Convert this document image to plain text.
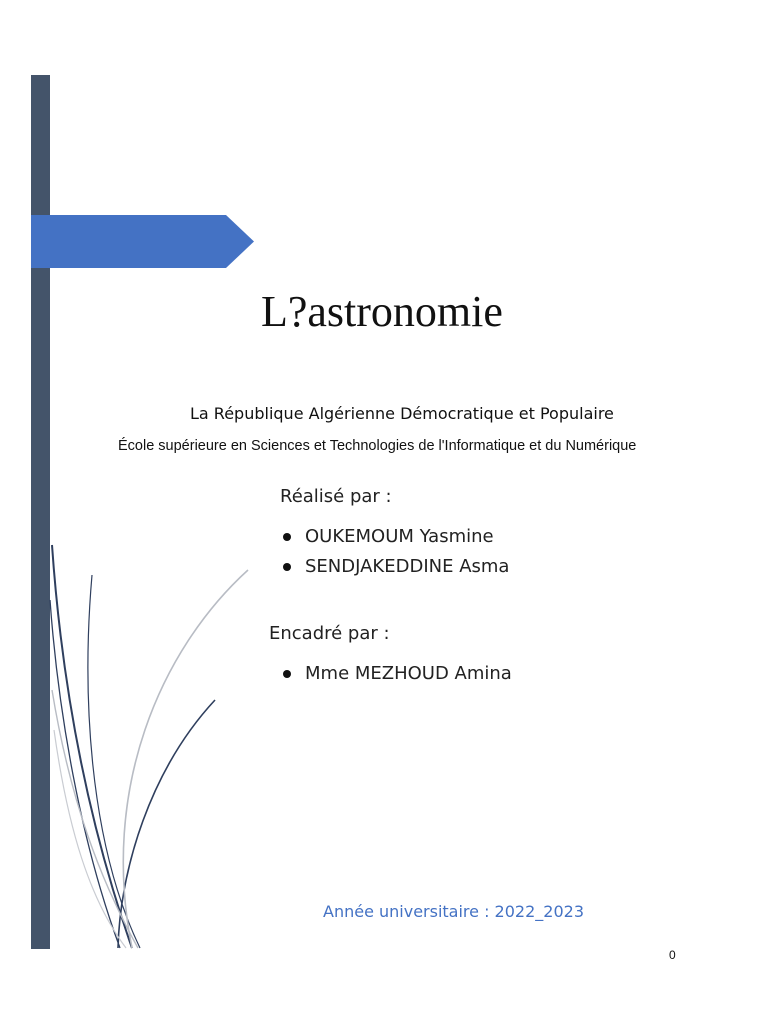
L?astronomie
La République Algérienne Démocratique et Populaire
École supérieure en Sciences et Technologies de l'Informatique et du Numérique
Réalisé par :
OUKEMOUM Yasmine
SENDJAKEDDINE Asma
Encadré par :
Mme MEZHOUD Amina
Année universitaire : 2022_2023
0
